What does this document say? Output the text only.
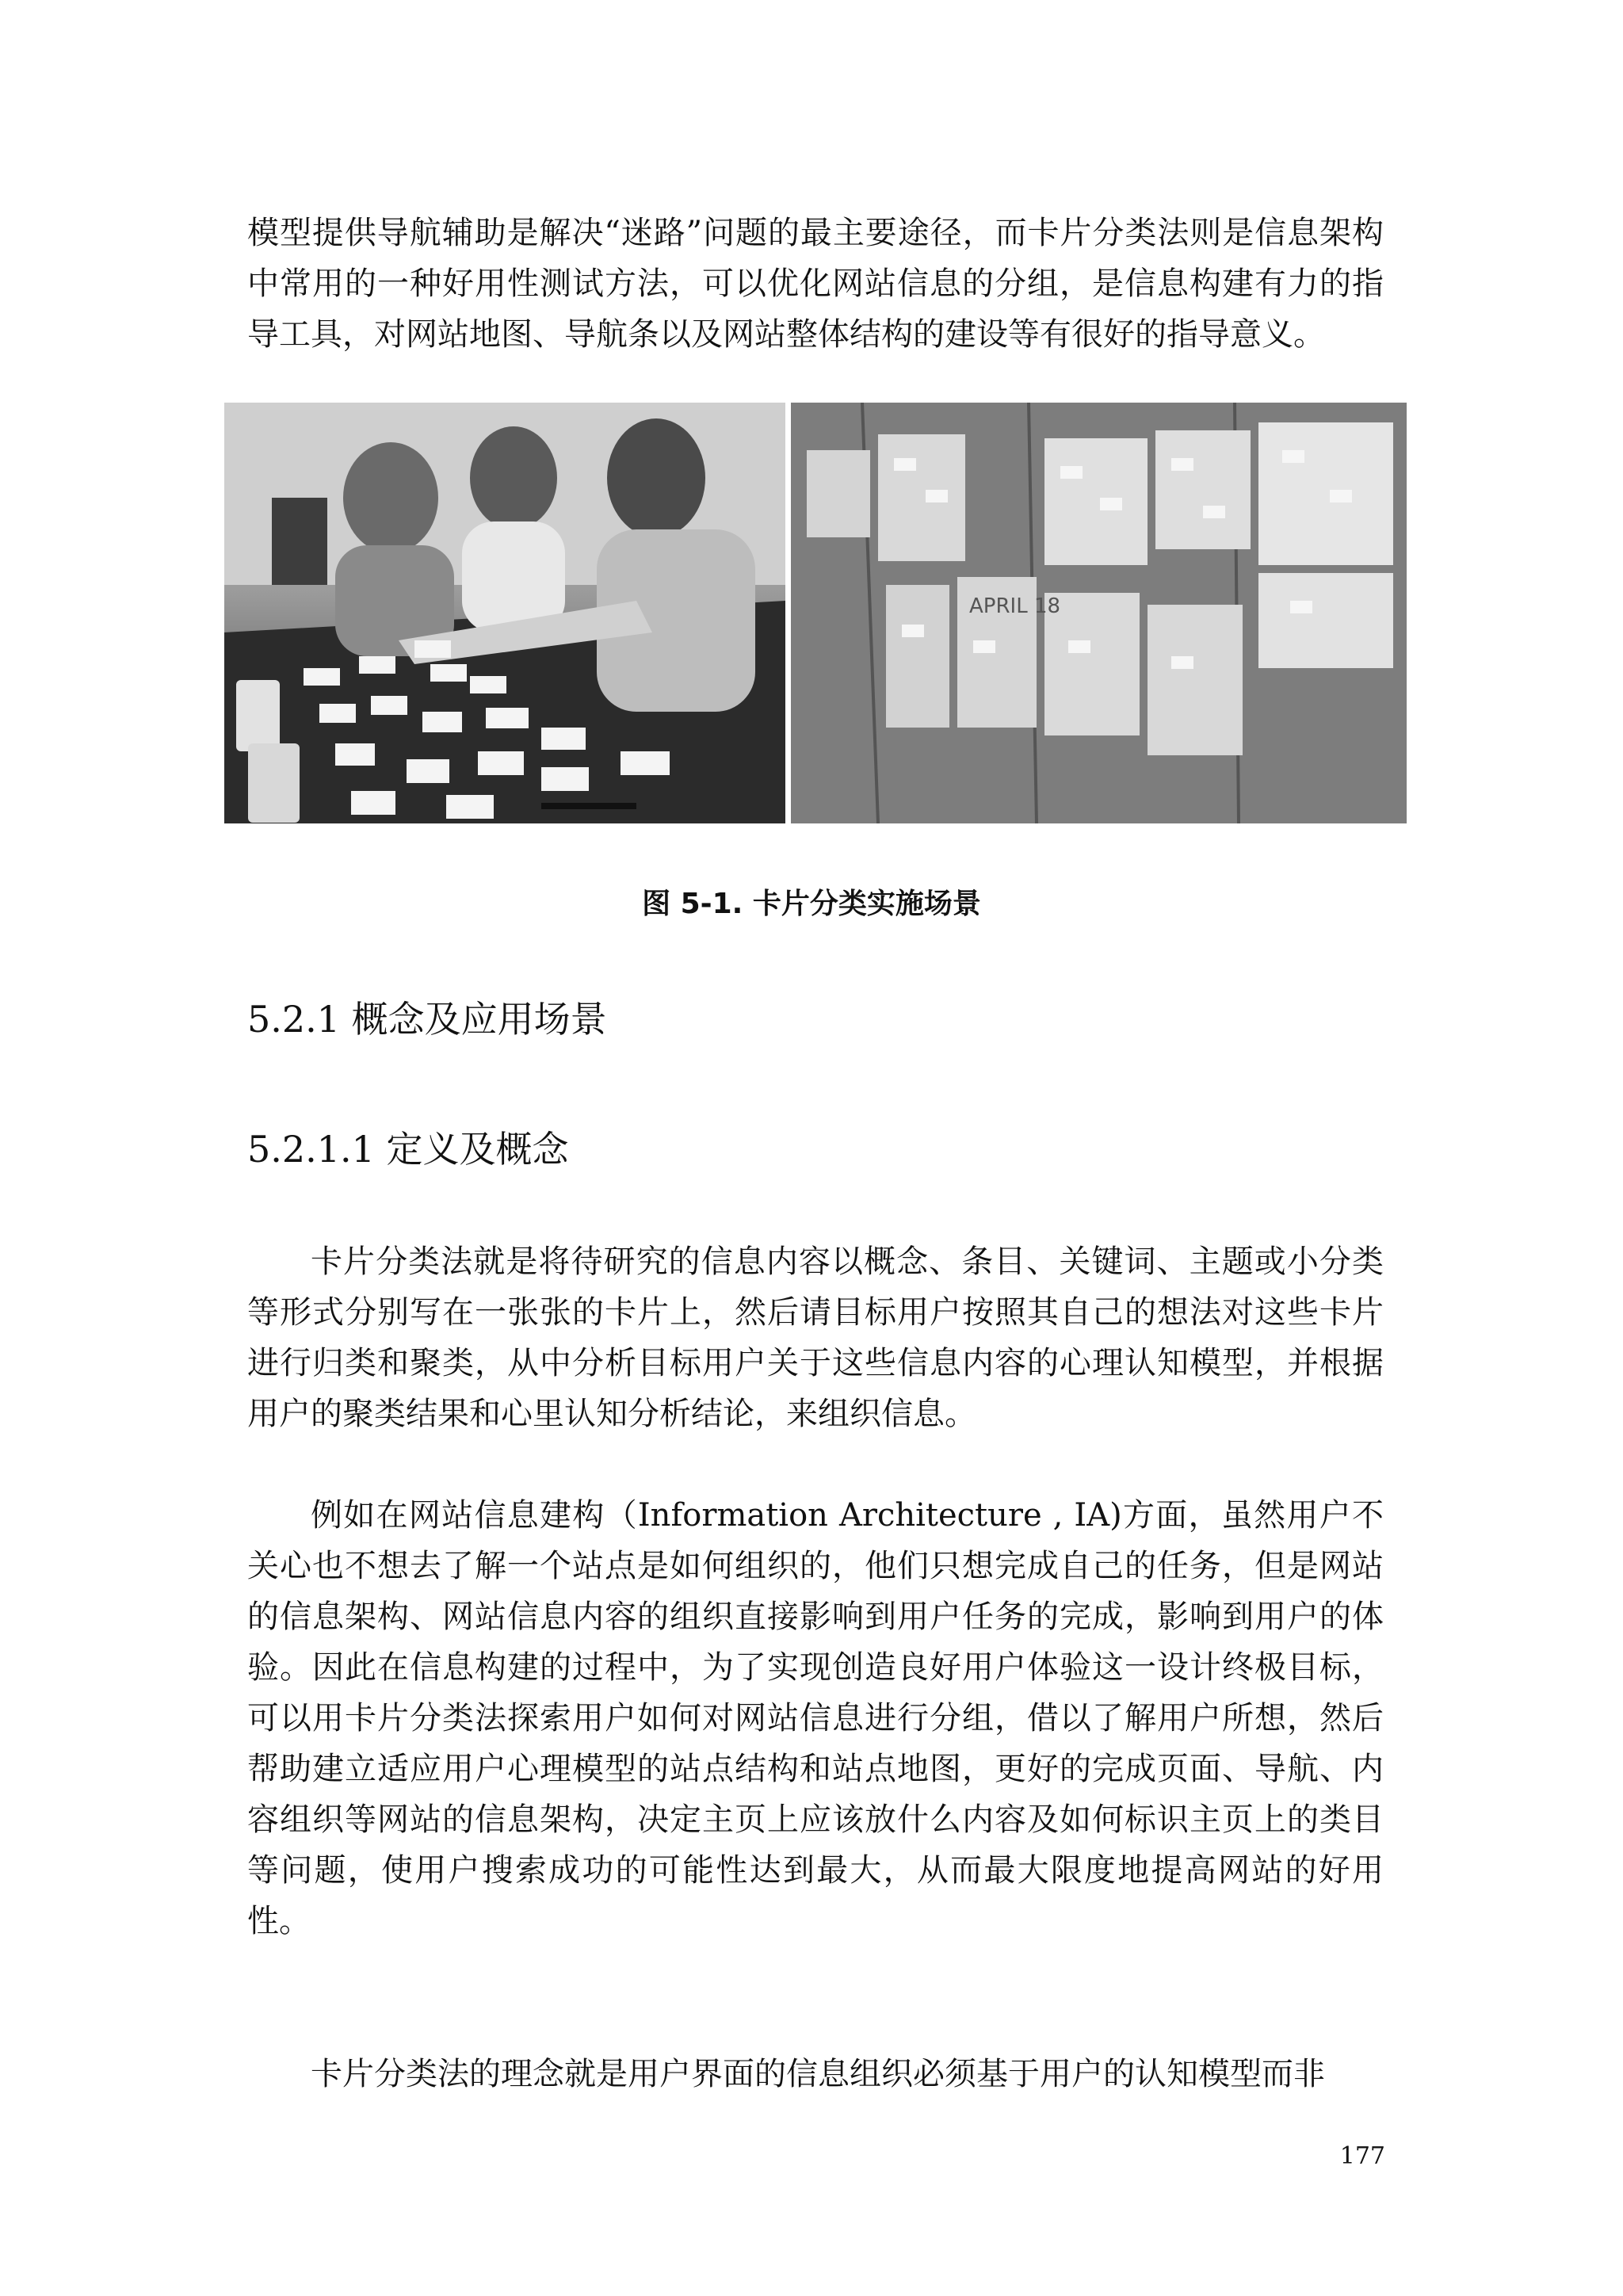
模型提供导航辅助是解决“迷路”问题的最主要途径，而卡片分类法则是信息架构中常用的一种好用性测试方法，可以优化网站信息的分组，是信息构建有力的指导工具，对网站地图、导航条以及网站整体结构的建设等有很好的指导意义。

APRIL 18
图 5-1. 卡片分类实施场景
5.2.1 概念及应用场景
5.2.1.1 定义及概念

卡片分类法就是将待研究的信息内容以概念、条目、关键词、主题或小分类等形式分别写在一张张的卡片上，然后请目标用户按照其自己的想法对这些卡片进行归类和聚类，从中分析目标用户关于这些信息内容的心理认知模型，并根据用户的聚类结果和心里认知分析结论，来组织信息。

例如在网站信息建构（Information Architecture , IA)方面，虽然用户不关心也不想去了解一个站点是如何组织的，他们只想完成自己的任务，但是网站的信息架构、网站信息内容的组织直接影响到用户任务的完成，影响到用户的体验。因此在信息构建的过程中，为了实现创造良好用户体验这一设计终极目标，可以用卡片分类法探索用户如何对网站信息进行分组，借以了解用户所想，然后帮助建立适应用户心理模型的站点结构和站点地图，更好的完成页面、导航、内容组织等网站的信息架构，决定主页上应该放什么内容及如何标识主页上的类目等问题，使用户搜索成功的可能性达到最大，从而最大限度地提高网站的好用性。

卡片分类法的理念就是用户界面的信息组织必须基于用户的认知模型而非

177
